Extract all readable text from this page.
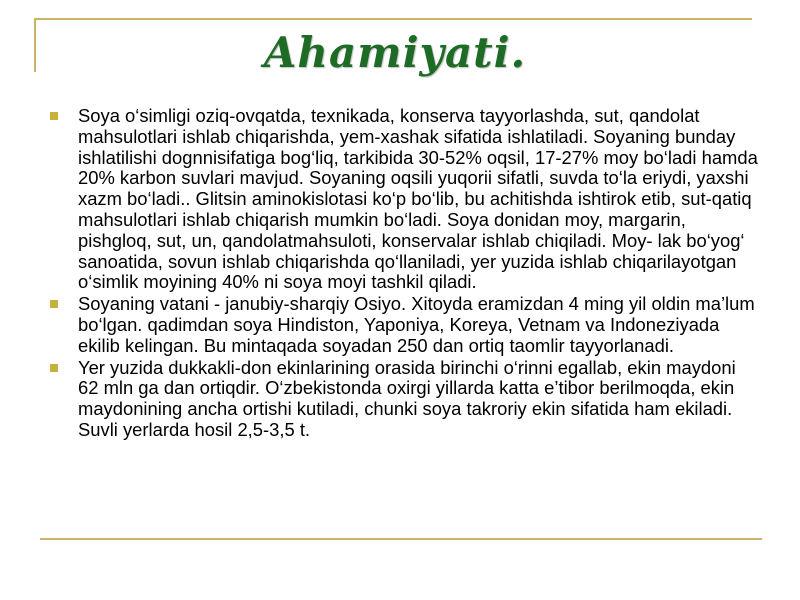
Ahamiyati.
Soya o‘simligi oziq-ovqatda, texnikada, konserva tayyorlashda, sut, qandolat mahsulotlari ishlab chiqarishda, yem-xashak sifatida ishlatiladi. Soyaning bunday ishlatilishi dognnisifatiga bog‘liq, tarkibida 30-52% oqsil, 17-27% moy bo‘ladi hamda 20% karbon suvlari mavjud. Soyaning oqsili yuqorii sifatli, suvda to‘la eriydi, yaxshi xazm bo‘ladi.. Glitsin aminokislotasi ko‘p bo‘lib, bu achitishda ishtirok etib, sut-qatiq mahsulotlari ishlab chiqarish mumkin bo‘ladi. Soya donidan moy, margarin, pishgloq, sut, un, qandolatmahsuloti, konservalar ishlab chiqiladi. Moy- lak bo‘yog‘ sanoatida, sovun ishlab chiqarishda qo‘llaniladi, yer yuzida ishlab chiqarilayotgan o‘simlik moyining 40% ni soya moyi tashkil qiladi.
Soyaning vatani - janubiy-sharqiy Osiyo. Xitoyda eramizdan 4 ming yil oldin ma’lum bo‘lgan. qadimdan soya Hindiston, Yaponiya, Koreya, Vetnam va Indoneziyada ekilib kelingan. Bu mintaqada soyadan 250 dan ortiq taomlir tayyorlanadi.
Yer yuzida dukkakli-don ekinlarining orasida birinchi o‘rinni egallab, ekin maydoni 62 mln ga dan ortiqdir. O‘zbekistonda oxirgi yillarda katta e’tibor berilmoqda, ekin maydonining ancha ortishi kutiladi, chunki soya takroriy ekin sifatida ham ekiladi. Suvli yerlarda hosil 2,5-3,5 t.
